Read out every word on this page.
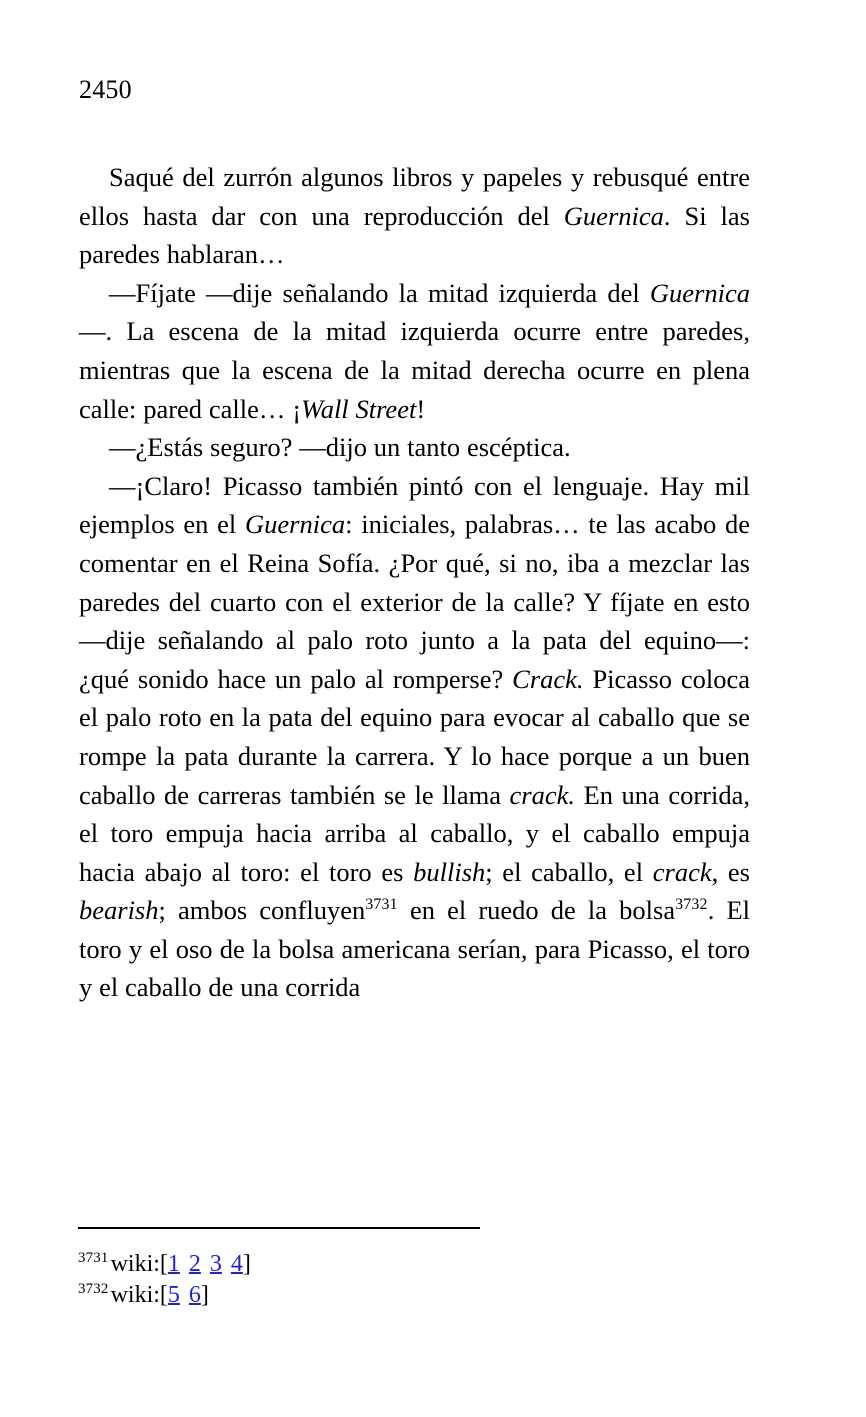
2450

Saqué del zurrón algunos libros y papeles y rebusqué entre ellos hasta dar con una reproducción del Guernica. Si las paredes hablaran…

—Fíjate —dije señalando la mitad izquierda del Guernica—. La escena de la mitad izquierda ocurre entre paredes, mientras que la escena de la mitad derecha ocurre en plena calle: pared calle… ¡Wall Street!

—¿Estás seguro? —dijo un tanto escéptica.

—¡Claro! Picasso también pintó con el lenguaje. Hay mil ejemplos en el Guernica: iniciales, palabras… te las acabo de comentar en el Reina Sofía. ¿Por qué, si no, iba a mezclar las paredes del cuarto con el exterior de la calle? Y fíjate en esto —dije señalando al palo roto junto a la pata del equino—: ¿qué sonido hace un palo al romperse? Crack. Picasso coloca el palo roto en la pata del equino para evocar al caballo que se rompe la pata durante la carrera. Y lo hace porque a un buen caballo de carreras también se le llama crack. En una corrida, el toro empuja hacia arriba al caballo, y el caballo empuja hacia abajo al toro: el toro es bullish; el caballo, el crack, es bearish; ambos confluyen$^{3731}$ en el ruedo de la bolsa$^{3732}$. El toro y el oso de la bolsa americana serían, para Picasso, el toro y el caballo de una corrida

$^{3731}$wiki:[1 2 3 4]
$^{3732}$wiki:[5 6]
